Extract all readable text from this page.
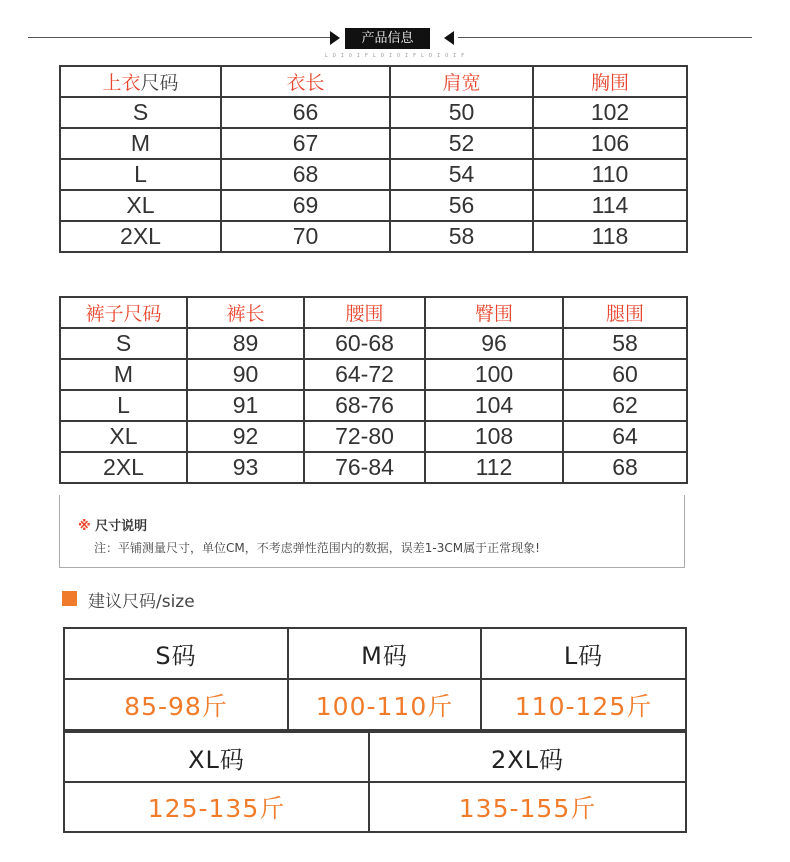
产品信息
L D I O I F L D I O I F L D I O I F
上衣尺码	衣长	肩宽	胸围
S	66	50	102
M	67	52	106
L	68	54	110
XL	69	56	114
2XL	70	58	118
裤子尺码	裤长	腰围	臀围	腿围
S	89	60-68	96	58
M	90	64-72	100	60
L	91	68-76	104	62
XL	92	72-80	108	64
2XL	93	76-84	112	68
※ 尺寸说明
注：平铺测量尺寸，单位CM，不考虑弹性范围内的数据，误差1-3CM属于正常现象!
建议尺码/size
S码	M码	L码
85-98斤	100-110斤	110-125斤
XL码	2XL码
125-135斤	135-155斤
